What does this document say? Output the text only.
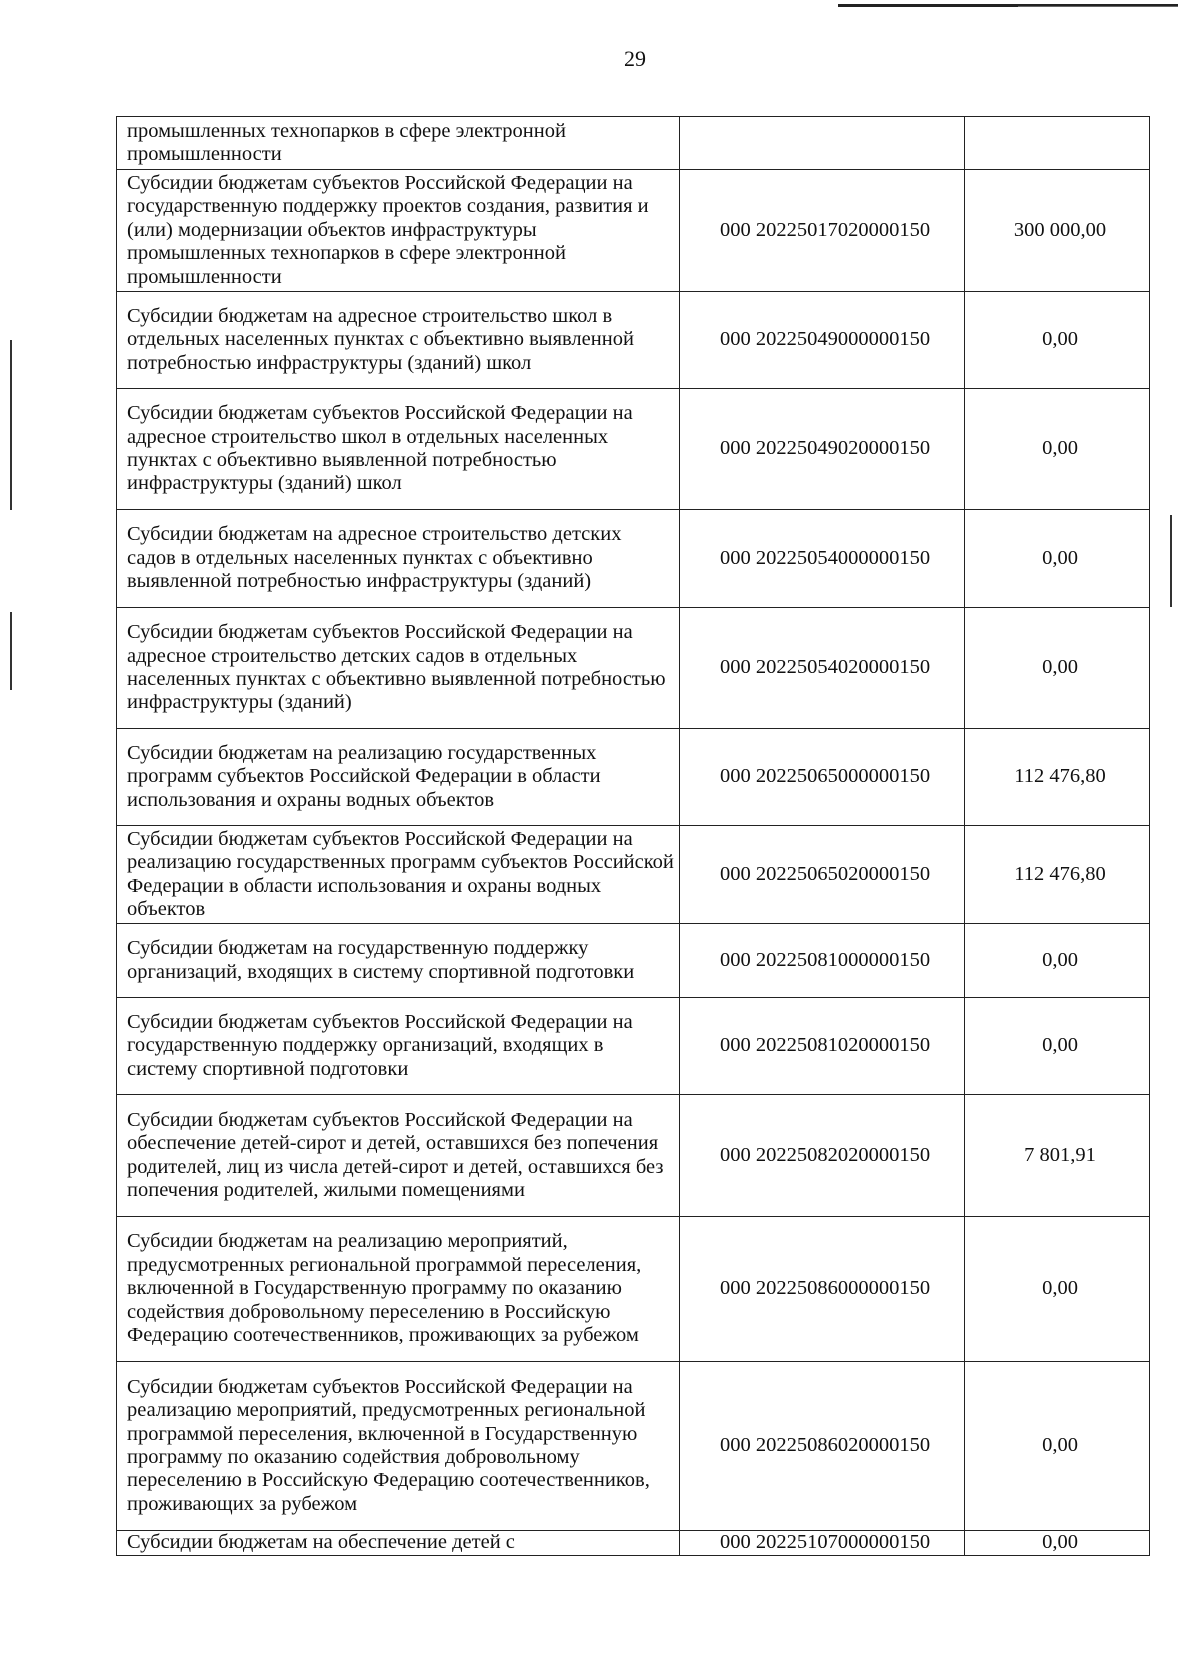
29
промышленных технопарков в сфере электронной промышленности		
Субсидии бюджетам субъектов Российской Федерации на государственную поддержку проектов создания, развития и (или) модернизации объектов инфраструктуры промышленных технопарков в сфере электронной промышленности	000 20225017020000150	300 000,00
Субсидии бюджетам на адресное строительство школ в отдельных населенных пунктах с объективно выявленной потребностью инфраструктуры (зданий) школ	000 20225049000000150	0,00
Субсидии бюджетам субъектов Российской Федерации на адресное строительство школ в отдельных населенных пунктах с объективно выявленной потребностью инфраструктуры (зданий) школ	000 20225049020000150	0,00
Субсидии бюджетам на адресное строительство детских садов в отдельных населенных пунктах с объективно выявленной потребностью инфраструктуры (зданий)	000 20225054000000150	0,00
Субсидии бюджетам субъектов Российской Федерации на адресное строительство детских садов в отдельных населенных пунктах с объективно выявленной потребностью инфраструктуры (зданий)	000 20225054020000150	0,00
Субсидии бюджетам на реализацию государственных программ субъектов Российской Федерации в области использования и охраны водных объектов	000 20225065000000150	112 476,80
Субсидии бюджетам субъектов Российской Федерации на реализацию государственных программ субъектов Российской Федерации в области использования и охраны водных объектов	000 20225065020000150	112 476,80
Субсидии бюджетам на государственную поддержку организаций, входящих в систему спортивной подготовки	000 20225081000000150	0,00
Субсидии бюджетам субъектов Российской Федерации на государственную поддержку организаций, входящих в систему спортивной подготовки	000 20225081020000150	0,00
Субсидии бюджетам субъектов Российской Федерации на обеспечение детей-сирот и детей, оставшихся без попечения родителей, лиц из числа детей-сирот и детей, оставшихся без попечения родителей, жилыми помещениями	000 20225082020000150	7 801,91
Субсидии бюджетам на реализацию мероприятий, предусмотренных региональной программой переселения, включенной в Государственную программу по оказанию содействия добровольному переселению в Российскую Федерацию соотечественников, проживающих за рубежом	000 20225086000000150	0,00
Субсидии бюджетам субъектов Российской Федерации на реализацию мероприятий, предусмотренных региональной программой переселения, включенной в Государственную программу по оказанию содействия добровольному переселению в Российскую Федерацию соотечественников, проживающих за рубежом	000 20225086020000150	0,00
Субсидии бюджетам на обеспечение детей с	000 20225107000000150	0,00
